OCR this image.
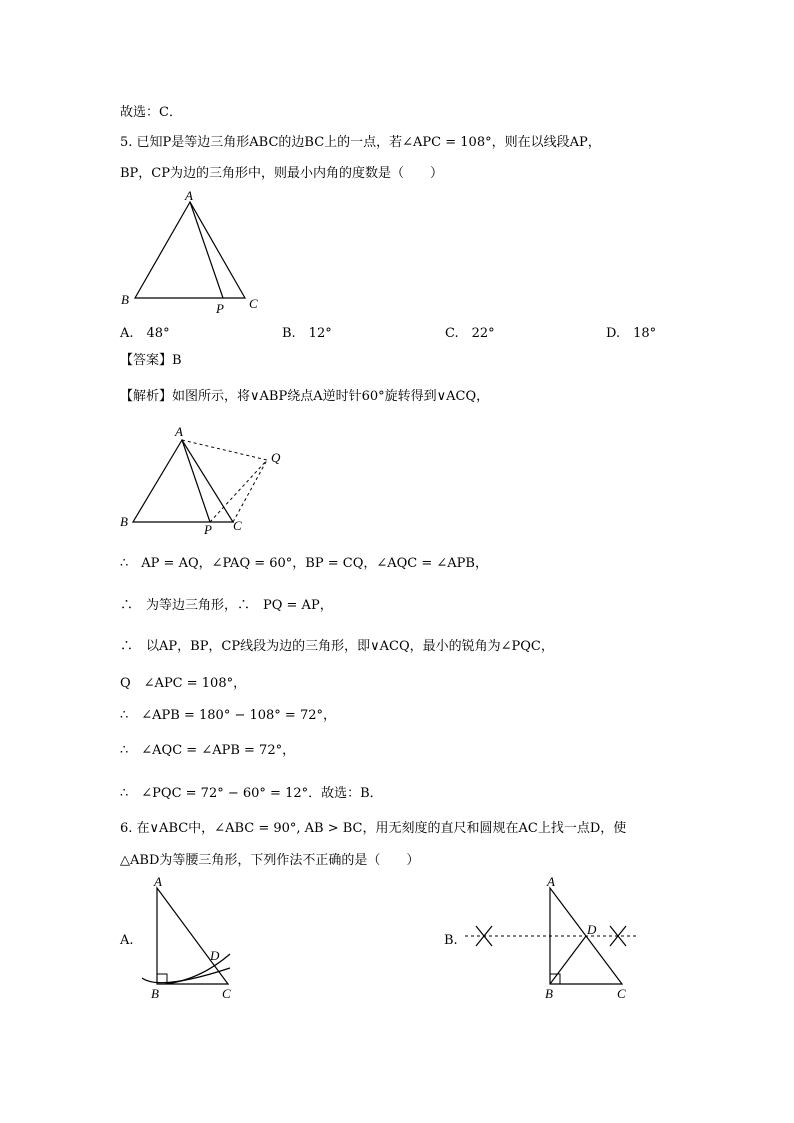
故选：C．
5. 已知P是等边三角形ABC的边BC上的一点，若∠APC = 108°，则在以线段AP，
BP，CP为边的三角形中，则最小内角的度数是（　　）
A
B
P C
A.　48°	B.　12°	C.　22°	D.　18°
【答案】B
【解析】如图所示，将∨ABP绕点A逆时针60°旋转得到∨ACQ，
A
Q
B
P C
∴　AP = AQ，∠PAQ = 60°，BP = CQ，∠AQC = ∠APB，
∴　为等边三角形，∴　PQ = AP，
∴　以AP，BP，CP线段为边的三角形，即∨ACQ，最小的锐角为∠PQC，
Q　∠APC = 108°，
∴　∠APB = 180° − 108° = 72°，
∴　∠AQC = ∠APB = 72°，
∴　∠PQC = 72° − 60° = 12°．故选：B．
6. 在∨ABC中，∠ABC = 90°, AB > BC，用无刻度的直尺和圆规在AC上找一点D，使
△ABD为等腰三角形，下列作法不正确的是（　　）
A.
A
D
B	C
B.
A
D
B	C
